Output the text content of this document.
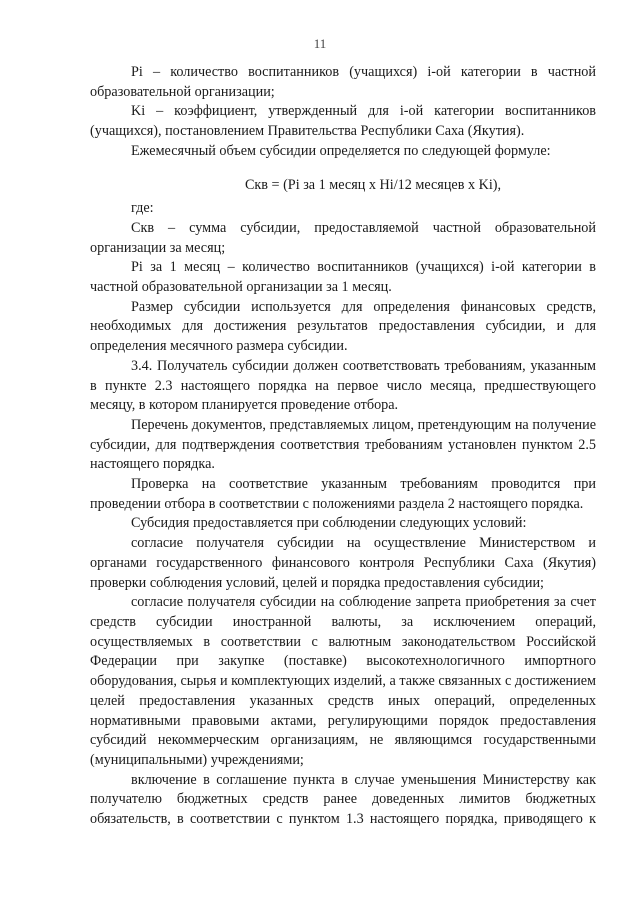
11

Pi – количество воспитанников (учащихся) i-ой категории в частной образовательной организации;

Ki – коэффициент, утвержденный для i-ой категории воспитанников (учащихся), постановлением Правительства Республики Саха (Якутия).

Ежемесячный объем субсидии определяется по следующей формуле:

Скв = (Pi за 1 месяц x Hi/12 месяцев x Ki),

где:

Скв – сумма субсидии, предоставляемой частной образовательной организации за месяц;

Pi за 1 месяц – количество воспитанников (учащихся) i-ой категории в частной образовательной организации за 1 месяц.

Размер субсидии используется для определения финансовых средств, необходимых для достижения результатов предоставления субсидии, и для определения месячного размера субсидии.

3.4. Получатель субсидии должен соответствовать требованиям, указанным в пункте 2.3 настоящего порядка на первое число месяца, предшествующего месяцу, в котором планируется проведение отбора.

Перечень документов, представляемых лицом, претендующим на получение субсидии, для подтверждения соответствия требованиям установлен пунктом 2.5 настоящего порядка.

Проверка на соответствие указанным требованиям проводится при проведении отбора в соответствии с положениями раздела 2 настоящего порядка.

Субсидия предоставляется при соблюдении следующих условий:

согласие получателя субсидии на осуществление Министерством и органами государственного финансового контроля Республики Саха (Якутия) проверки соблюдения условий, целей и порядка предоставления субсидии;

согласие получателя субсидии на соблюдение запрета приобретения за счет средств субсидии иностранной валюты, за исключением операций, осуществляемых в соответствии с валютным законодательством Российской Федерации при закупке (поставке) высокотехнологичного импортного оборудования, сырья и комплектующих изделий, а также связанных с достижением целей предоставления указанных средств иных операций, определенных нормативными правовыми актами, регулирующими порядок предоставления субсидий некоммерческим организациям, не являющимся государственными (муниципальными) учреждениями;

включение в соглашение пункта в случае уменьшения Министерству как получателю бюджетных средств ранее доведенных лимитов бюджетных обязательств, в соответствии с пунктом 1.3 настоящего порядка, приводящего к
